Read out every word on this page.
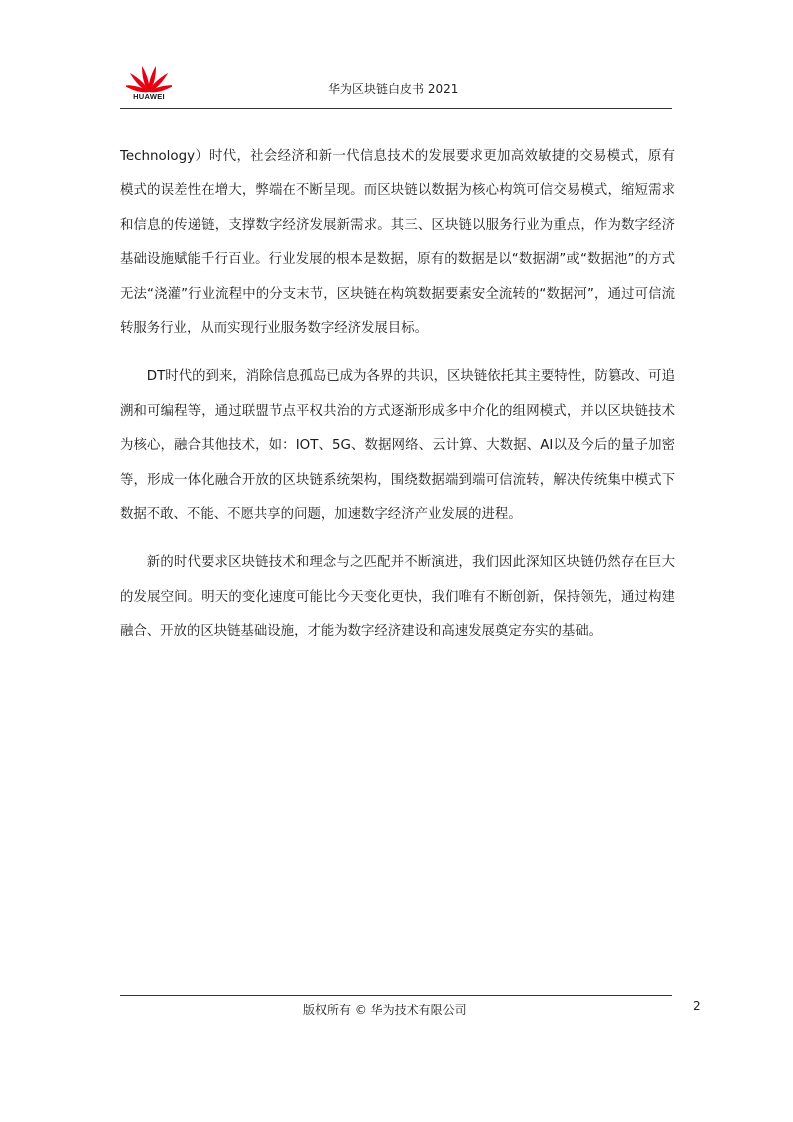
HUAWEI
华为区块链白皮书 2021

Technology）时代，社会经济和新一代信息技术的发展要求更加高效敏捷的交易模式，原有模式的误差性在增大，弊端在不断呈现。而区块链以数据为核心构筑可信交易模式，缩短需求和信息的传递链，支撑数字经济发展新需求。其三、区块链以服务行业为重点，作为数字经济基础设施赋能千行百业。行业发展的根本是数据，原有的数据是以“数据湖”或“数据池”的方式无法“浇灌”行业流程中的分支末节，区块链在构筑数据要素安全流转的“数据河”，通过可信流转服务行业，从而实现行业服务数字经济发展目标。

DT时代的到来，消除信息孤岛已成为各界的共识，区块链依托其主要特性，防篡改、可追溯和可编程等，通过联盟节点平权共治的方式逐渐形成多中介化的组网模式，并以区块链技术为核心，融合其他技术，如：IOT、5G、数据网络、云计算、大数据、AI以及今后的量子加密等，形成一体化融合开放的区块链系统架构，围绕数据端到端可信流转，解决传统集中模式下数据不敢、不能、不愿共享的问题，加速数字经济产业发展的进程。

新的时代要求区块链技术和理念与之匹配并不断演进，我们因此深知区块链仍然存在巨大的发展空间。明天的变化速度可能比今天变化更快，我们唯有不断创新，保持领先，通过构建融合、开放的区块链基础设施，才能为数字经济建设和高速发展奠定夯实的基础。

版权所有 © 华为技术有限公司	2
